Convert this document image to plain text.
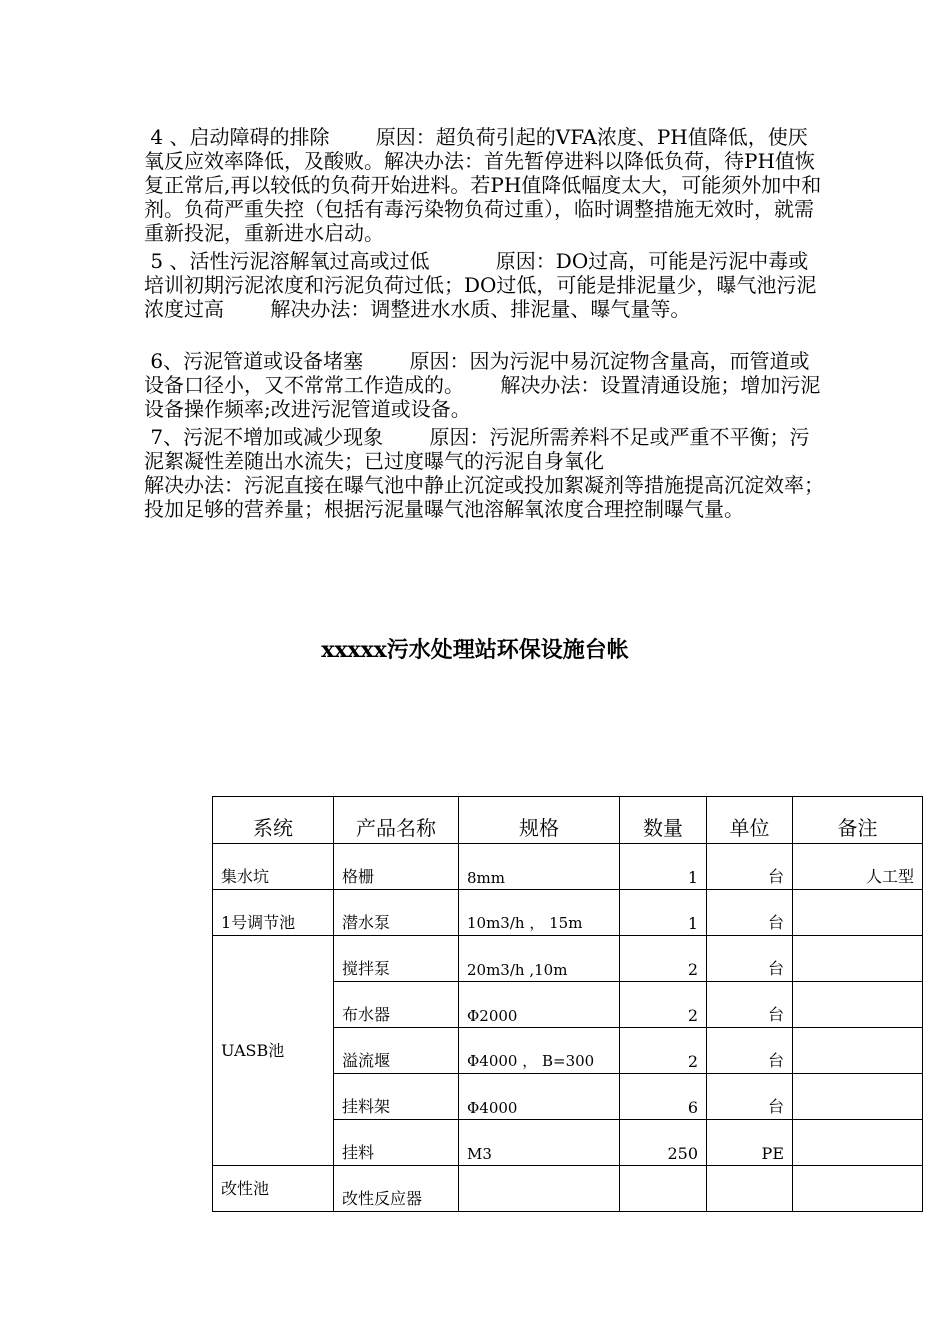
4 、启动障碍的排除　　 原因：超负荷引起的VFA浓度、PH值降低，使厌氧反应效率降低，及酸败。解决办法：首先暂停进料以降低负荷，待PH值恢复正常后,再以较低的负荷开始进料。若PH值降低幅度太大，可能须外加中和剂。负荷严重失控（包括有毒污染物负荷过重），临时调整措施无效时，就需重新投泥，重新进水启动。

5 、活性污泥溶解氧过高或过低　　　 原因：DO过高，可能是污泥中毒或培训初期污泥浓度和污泥负荷过低；DO过低，可能是排泥量少，曝气池污泥浓度过高　　 解决办法：调整进水水质、排泥量、曝气量等。

6、污泥管道或设备堵塞　　 原因：因为污泥中易沉淀物含量高，而管道或设备口径小，又不常常工作造成的。　　 解决办法：设置清通设施；增加污泥设备操作频率;改进污泥管道或设备。

7、污泥不增加或减少现象　　 原因：污泥所需养料不足或严重不平衡；污泥絮凝性差随出水流失；已过度曝气的污泥自身氧化
解决办法：污泥直接在曝气池中静止沉淀或投加絮凝剂等措施提高沉淀效率；投加足够的营养量；根据污泥量曝气池溶解氧浓度合理控制曝气量。

xxxxx污水处理站环保设施台帐
系统	产品名称	规格	数量	单位	备注
集水坑	格栅	8mm	1	台	人工型
1号调节池	潜水泵	10m3/h ， 15m	1	台	
UASB池	搅拌泵	20m3/h ,10m	2	台	
	布水器	Φ2000	2	台	
	溢流堰	Φ4000 ， B=300	2	台	
	挂料架	Φ4000	6	台	
	挂料	M3	250	PE	
改性池	改性反应器				
